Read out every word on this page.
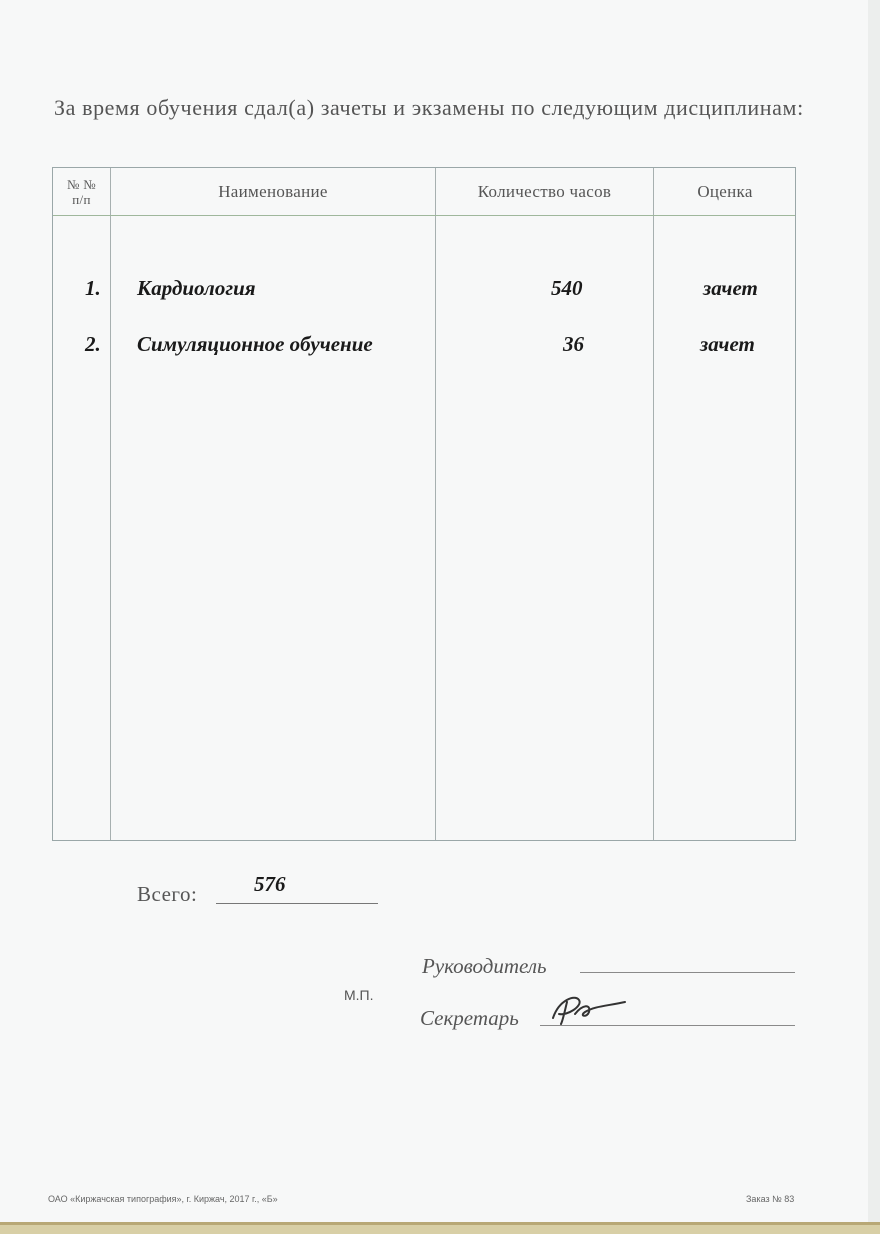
За время обучения сдал(а) зачеты и экзамены по следующим дисциплинам:
№ №
п/п	Наименование	Количество часов	Оценка
1. Кардиология	540	зачет
2. Симуляционное обучение	36	зачет
Всего:	576
Руководитель
М.П.
Секретарь
ОАО «Киржачская типография», г. Киржач, 2017 г., «Б»	Заказ № 83
